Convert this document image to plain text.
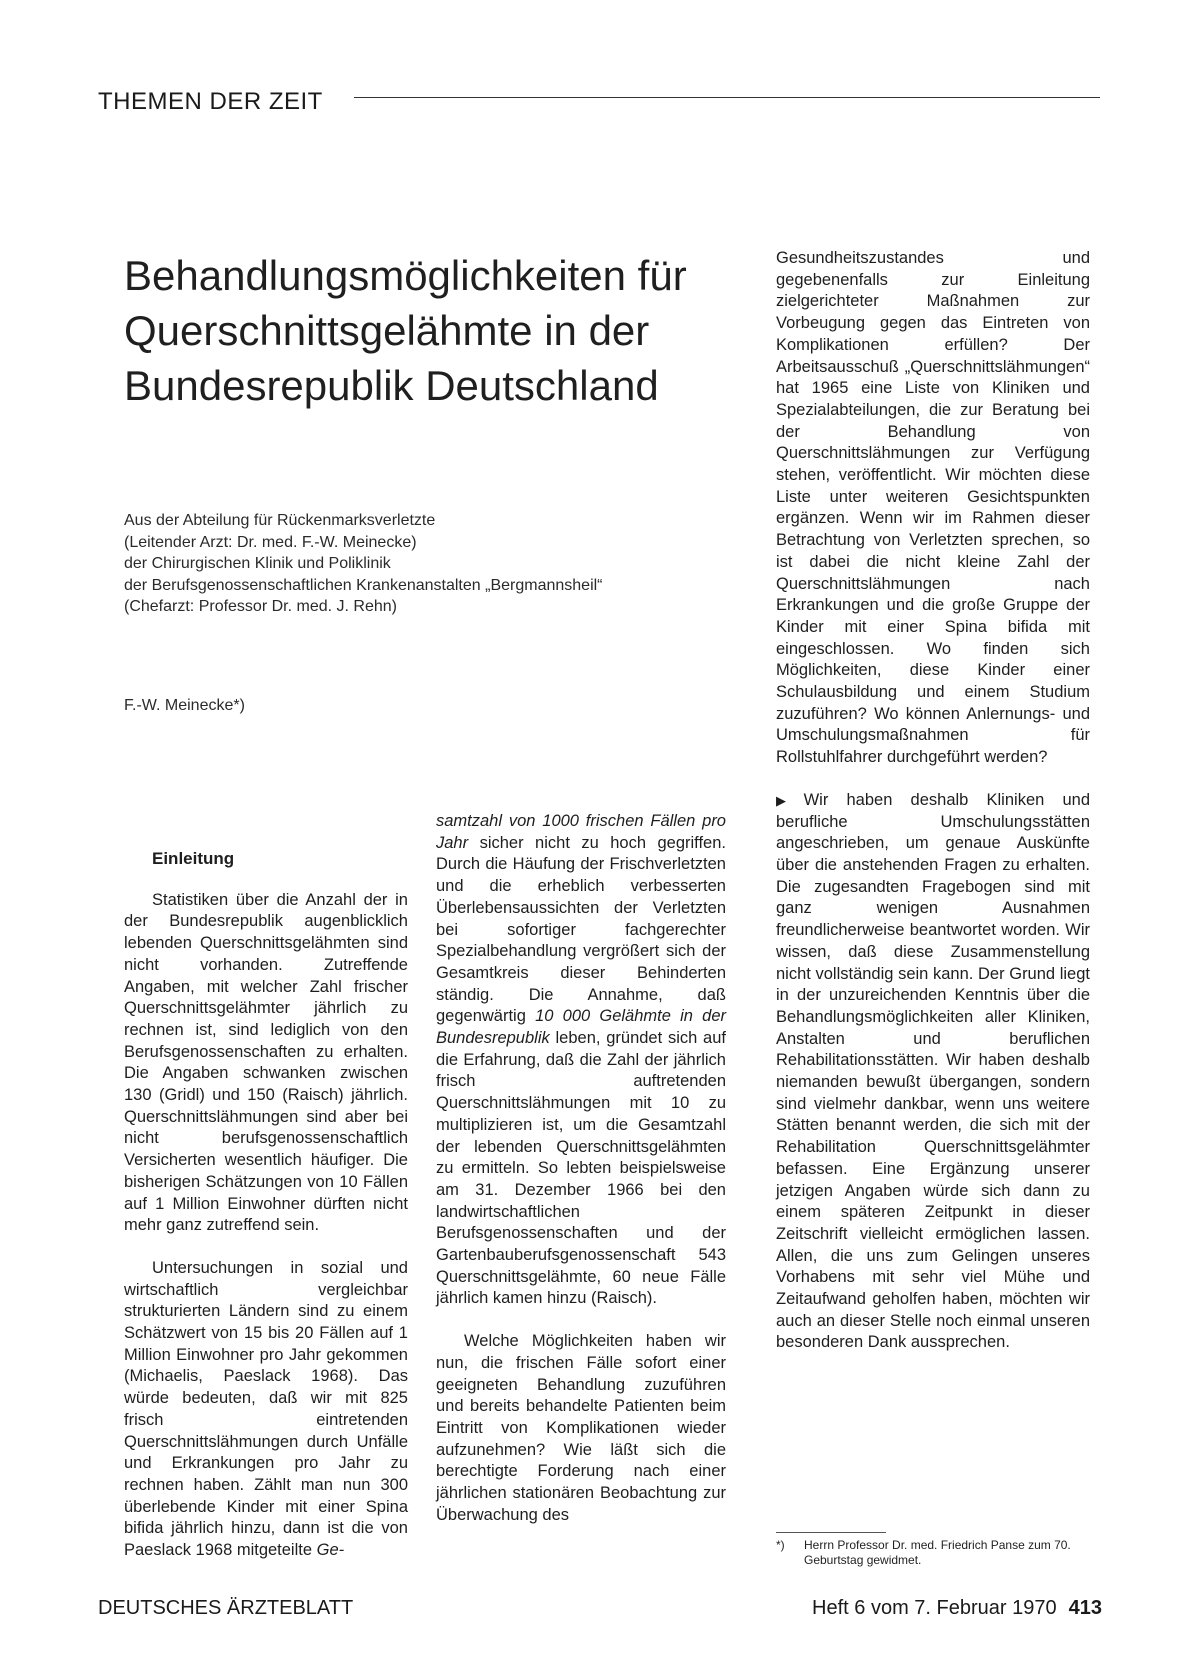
THEMEN DER ZEIT
Behandlungsmöglichkeiten für
Querschnittsgelähmte in der
Bundesrepublik Deutschland
Aus der Abteilung für Rückenmarksverletzte
(Leitender Arzt: Dr. med. F.-W. Meinecke)
der Chirurgischen Klinik und Poliklinik
der Berufsgenossenschaftlichen Krankenanstalten „Bergmannsheil“
(Chefarzt: Professor Dr. med. J. Rehn)
F.-W. Meinecke*)

Einleitung

Statistiken über die Anzahl der in der Bundesrepublik augenblicklich lebenden Querschnittsgelähmten sind nicht vorhanden. Zutreffende Angaben, mit welcher Zahl frischer Querschnittsgelähmter jährlich zu rechnen ist, sind lediglich von den Berufsgenossenschaften zu erhalten. Die Angaben schwanken zwischen 130 (Gridl) und 150 (Raisch) jährlich. Querschnittslähmungen sind aber bei nicht berufsgenossenschaftlich Versicherten wesentlich häufiger. Die bisherigen Schätzungen von 10 Fällen auf 1 Million Einwohner dürften nicht mehr ganz zutreffend sein.

Untersuchungen in sozial und wirtschaftlich vergleichbar strukturierten Ländern sind zu einem Schätzwert von 15 bis 20 Fällen auf 1 Million Einwohner pro Jahr gekommen (Michaelis, Paeslack 1968). Das würde bedeuten, daß wir mit 825 frisch eintretenden Querschnittslähmungen durch Unfälle und Erkrankungen pro Jahr zu rechnen haben. Zählt man nun 300 überlebende Kinder mit einer Spina bifida jährlich hinzu, dann ist die von Paeslack 1968 mitgeteilte Ge-

samtzahl von 1000 frischen Fällen pro Jahr sicher nicht zu hoch gegriffen. Durch die Häufung der Frischverletzten und die erheblich verbesserten Überlebensaussichten der Verletzten bei sofortiger fachgerechter Spezialbehandlung vergrößert sich der Gesamtkreis dieser Behinderten ständig. Die Annahme, daß gegenwärtig 10 000 Gelähmte in der Bundesrepublik leben, gründet sich auf die Erfahrung, daß die Zahl der jährlich frisch auftretenden Querschnittslähmungen mit 10 zu multiplizieren ist, um die Gesamtzahl der lebenden Querschnittsgelähmten zu ermitteln. So lebten beispielsweise am 31. Dezember 1966 bei den landwirtschaftlichen Berufsgenossenschaften und der Gartenbauberufsgenossenschaft 543 Querschnittsgelähmte, 60 neue Fälle jährlich kamen hinzu (Raisch).

Welche Möglichkeiten haben wir nun, die frischen Fälle sofort einer geeigneten Behandlung zuzuführen und bereits behandelte Patienten beim Eintritt von Komplikationen wieder aufzunehmen? Wie läßt sich die berechtigte Forderung nach einer jährlichen stationären Beobachtung zur Überwachung des

Gesundheitszustandes und gegebenenfalls zur Einleitung zielgerichteter Maßnahmen zur Vorbeugung gegen das Eintreten von Komplikationen erfüllen? Der Arbeitsausschuß „Querschnittslähmungen“ hat 1965 eine Liste von Kliniken und Spezialabteilungen, die zur Beratung bei der Behandlung von Querschnittslähmungen zur Verfügung stehen, veröffentlicht. Wir möchten diese Liste unter weiteren Gesichtspunkten ergänzen. Wenn wir im Rahmen dieser Betrachtung von Verletzten sprechen, so ist dabei die nicht kleine Zahl der Querschnittslähmungen nach Erkrankungen und die große Gruppe der Kinder mit einer Spina bifida mit eingeschlossen. Wo finden sich Möglichkeiten, diese Kinder einer Schulausbildung und einem Studium zuzuführen? Wo können Anlernungs- und Umschulungsmaßnahmen für Rollstuhlfahrer durchgeführt werden?

▶ Wir haben deshalb Kliniken und berufliche Umschulungsstätten angeschrieben, um genaue Auskünfte über die anstehenden Fragen zu erhalten. Die zugesandten Fragebogen sind mit ganz wenigen Ausnahmen freundlicherweise beantwortet worden. Wir wissen, daß diese Zusammenstellung nicht vollständig sein kann. Der Grund liegt in der unzureichenden Kenntnis über die Behandlungsmöglichkeiten aller Kliniken, Anstalten und beruflichen Rehabilitationsstätten. Wir haben deshalb niemanden bewußt übergangen, sondern sind vielmehr dankbar, wenn uns weitere Stätten benannt werden, die sich mit der Rehabilitation Querschnittsgelähmter befassen. Eine Ergänzung unserer jetzigen Angaben würde sich dann zu einem späteren Zeitpunkt in dieser Zeitschrift vielleicht ermöglichen lassen. Allen, die uns zum Gelingen unseres Vorhabens mit sehr viel Mühe und Zeitaufwand geholfen haben, möchten wir auch an dieser Stelle noch einmal unseren besonderen Dank aussprechen.

*) Herrn Professor Dr. med. Friedrich Panse zum 70. Geburtstag gewidmet.
DEUTSCHES ÄRZTEBLATT	Heft 6 vom 7. Februar 1970 413
